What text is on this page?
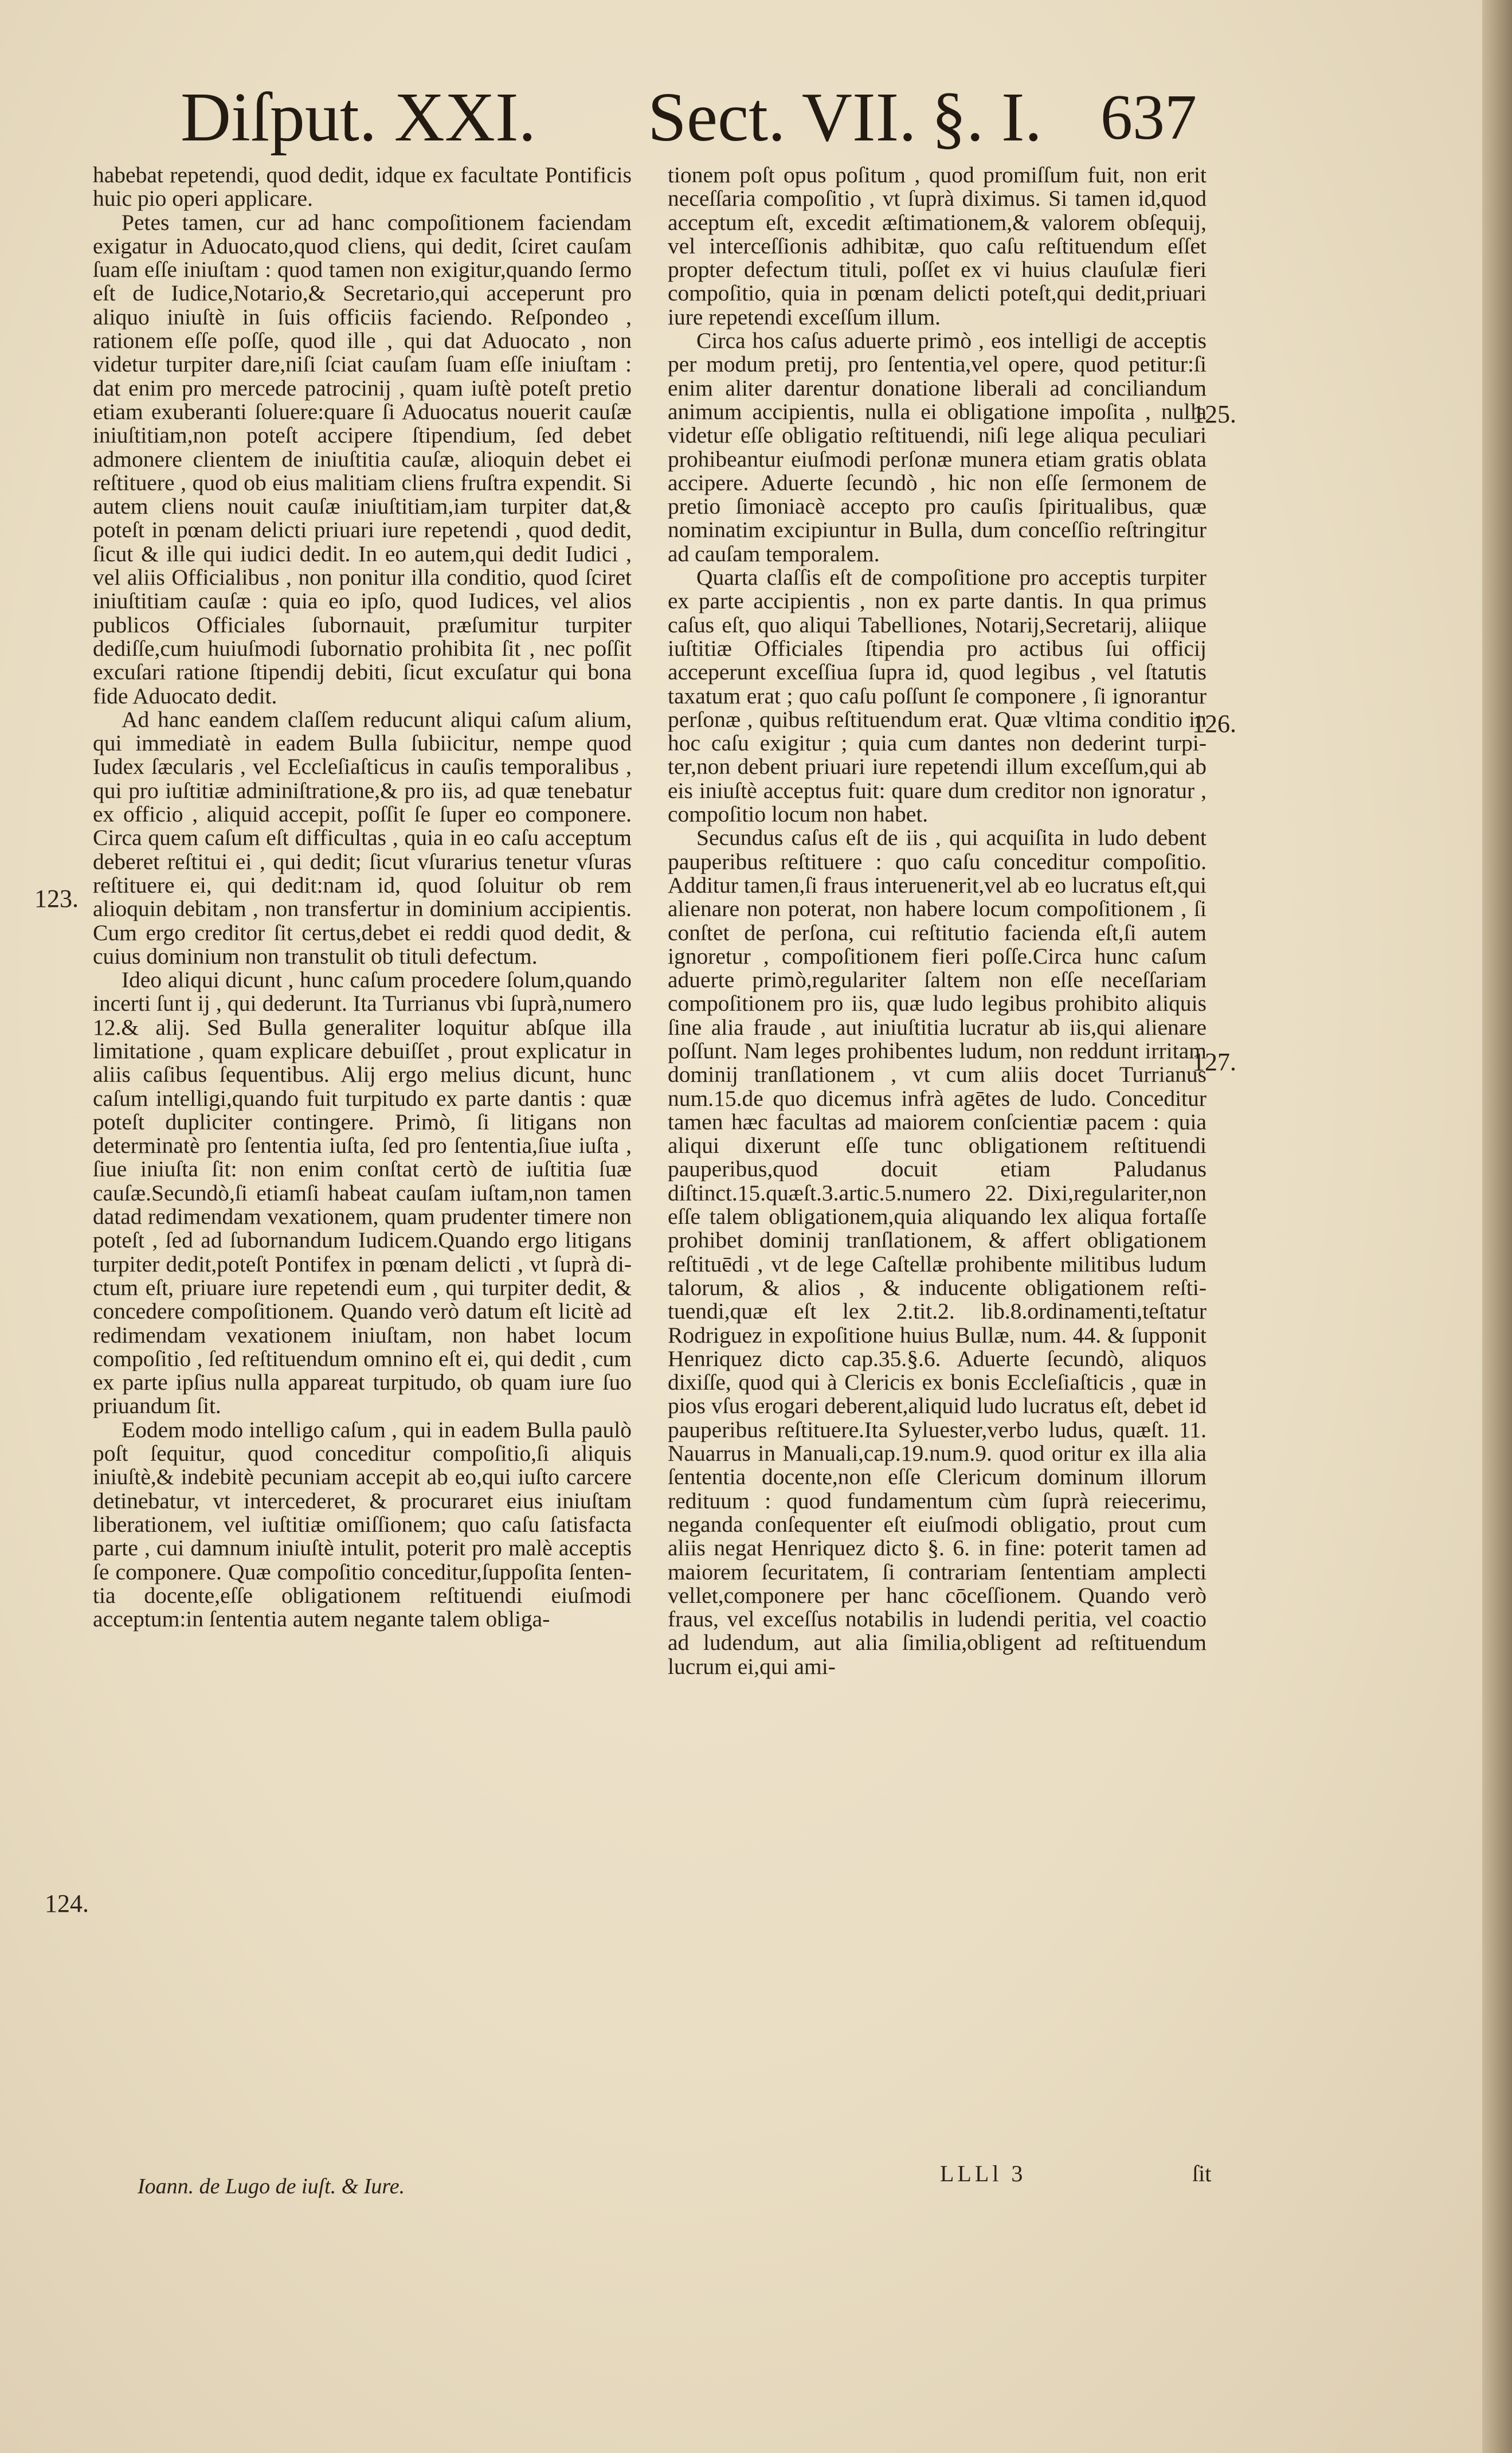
Diſput. XXI. Sect. VII. §. I. 637

habebat repetendi, quod dedit, idque ex facultate Pontificis huic pio operi applicare.

Petes tamen, cur ad hanc compoſitionem faciendam exigatur in Aduocato,quod cliens, qui dedit, ſciret cauſam ſuam eſſe iniuſtam : quod tamen non exigitur,quando ſermo eſt de Iudice,Notario,& Secretario,qui acceperunt pro aliquo iniuſtè in ſuis officiis faciendo. Reſpondeo , rationem eſſe poſſe, quod ille , qui dat Aduocato , non videtur turpiter dare,niſi ſciat cauſam ſuam eſſe iniuſtam : dat enim pro mercede patrocinij , quam iuſtè poteſt pretio etiam exuberanti ſoluere:quare ſi Aduocatus nouerit cauſæ iniuſtitiam,non poteſt accipere ſtipendium, ſed debet admonere clientem de iniuſtitia cauſæ, alioquin debet ei reſtituere , quod ob eius malitiam cliens fruſtra expendit. Si autem cliens nouit cauſæ iniuſtitiam,iam turpiter dat,& poteſt in pœnam delicti priuari iure repetendi , quod dedit, ſicut & ille qui iudici dedit. In eo autem,qui dedit Iudici , vel aliis Officialibus , non ponitur illa conditio, quod ſciret iniuſtitiam cauſæ : quia eo ipſo, quod Iudices, vel alios publicos Officiales ſubornauit, præſumitur turpiter dediſſe,cum huiuſmodi ſubornatio prohibita ſit , nec poſſit excuſari ratione ſtipendij debiti, ſicut excuſatur qui bona fide Aduocato dedit.

Ad hanc eandem claſſem reducunt aliqui caſum alium, qui immediatè in eadem Bulla ſubiicitur, nempe quod Iudex ſæcularis , vel Eccleſiaſticus in cauſis temporalibus , qui pro iuſtitiæ adminiſtratione,& pro iis, ad quæ tenebatur ex officio , aliquid accepit, poſſit ſe ſuper eo componere. Circa quem caſum eſt difficultas , quia in eo caſu acceptum deberet reſtitui ei , qui dedit; ſicut vſurarius tenetur vſuras reſtituere ei, qui dedit:nam id, quod ſoluitur ob rem alioquin debitam , non transfertur in dominium accipientis. Cum ergo creditor ſit certus,debet ei reddi quod dedit, & cuius dominium non transtulit ob tituli defectum.

Ideo aliqui dicunt , hunc caſum procedere ſolum,quando incerti ſunt ij , qui dederunt. Ita Turrianus vbi ſuprà,numero 12.& alij. Sed Bulla generaliter loquitur abſque illa limitatione , quam explicare debuiſſet , prout explicatur in aliis caſibus ſequentibus. Alij ergo melius dicunt, hunc caſum intelligi,quando fuit turpitudo ex parte dantis : quæ poteſt dupliciter contingere. Primò, ſi litigans non determinatè pro ſententia iuſta, ſed pro ſententia,ſiue iuſta , ſiue iniuſta ſit: non enim conſtat certò de iuſtitia ſuæ cauſæ.Secundò,ſi etiamſi habeat cauſam iuſtam,non tamen datad redimendam vexationem, quam prudenter timere non poteſt , ſed ad ſubornandum Iudicem.Quando ergo litigans turpiter dedit,poteſt Pontifex in pœnam delicti , vt ſuprà dictum eſt, priuare iure repetendi eum , qui turpiter dedit, & concedere compoſitionem. Quando verò datum eſt licitè ad redimendam vexationem iniuſtam, non habet locum compoſitio , ſed reſtituendum omnino eſt ei, qui dedit , cum ex parte ipſius nulla appareat turpitudo, ob quam iure ſuo priuandum ſit.

Eodem modo intelligo caſum , qui in eadem Bulla paulò poſt ſequitur, quod conceditur compoſitio,ſi aliquis iniuſtè,& indebitè pecuniam accepit ab eo,qui iuſto carcere detinebatur, vt intercederet, & procuraret eius iniuſtam liberationem, vel iuſtitiæ omiſſionem; quo caſu ſatisfacta parte , cui damnum iniuſtè intulit, poterit pro malè acceptis ſe componere. Quæ compoſitio conceditur,ſuppoſita ſententia docente,eſſe obligationem reſtituendi eiuſmodi acceptum:in ſententia autem negante talem obliga-

tionem poſt opus poſitum , quod promiſſum fuit, non erit neceſſaria compoſitio , vt ſuprà diximus. Si tamen id,quod acceptum eſt, excedit æſtimationem,& valorem obſequij, vel interceſſionis adhibitæ, quo caſu reſtituendum eſſet propter defectum tituli, poſſet ex vi huius clauſulæ fieri compoſitio, quia in pœnam delicti poteſt,qui dedit,priuari iure repetendi exceſſum illum.

Circa hos caſus aduerte primò , eos intelligi de acceptis per modum pretij, pro ſententia,vel opere, quod petitur:ſi enim aliter darentur donatione liberali ad conciliandum animum accipientis, nulla ei obligatione impoſita , nulla videtur eſſe obligatio reſtituendi, niſi lege aliqua peculiari prohibeantur eiuſmodi perſonæ munera etiam gratis oblata accipere. Aduerte ſecundò , hic non eſſe ſermonem de pretio ſimoniacè accepto pro cauſis ſpiritualibus, quæ nominatim excipiuntur in Bulla, dum conceſſio reſtringitur ad cauſam temporalem.

Quarta claſſis eſt de compoſitione pro acceptis turpiter ex parte accipientis , non ex parte dantis. In qua primus caſus eſt, quo aliqui Tabelliones, Notarij,Secretarij, aliique iuſtitiæ Officiales ſtipendia pro actibus ſui officij acceperunt exceſſiua ſupra id, quod legibus , vel ſtatutis taxatum erat ; quo caſu poſſunt ſe componere , ſi ignorantur perſonæ , quibus reſtituendum erat. Quæ vltima conditio in hoc caſu exigitur ; quia cum dantes non dederint turpiter,non debent priuari iure repetendi illum exceſſum,qui ab eis iniuſtè acceptus fuit: quare dum creditor non ignoratur , compoſitio locum non habet.

Secundus caſus eſt de iis , qui acquiſita in ludo debent pauperibus reſtituere : quo caſu conceditur compoſitio. Additur tamen,ſi fraus interuenerit,vel ab eo lucratus eſt,qui alienare non poterat, non habere locum compoſitionem , ſi conſtet de perſona, cui reſtitutio facienda eſt,ſi autem ignoretur , compoſitionem fieri poſſe.Circa hunc caſum aduerte primò,regulariter ſaltem non eſſe neceſſariam compoſitionem pro iis, quæ ludo legibus prohibito aliquis ſine alia fraude , aut iniuſtitia lucratur ab iis,qui alienare poſſunt. Nam leges prohibentes ludum, non reddunt irritam dominij tranſlationem , vt cum aliis docet Turrianus num.15.de quo dicemus infrà agētes de ludo. Conceditur tamen hæc facultas ad maiorem conſcientiæ pacem : quia aliqui dixerunt eſſe tunc obligationem reſtituendi pauperibus,quod docuit etiam Paludanus diſtinct.15.quæſt.3.artic.5.numero 22. Dixi,regulariter,non eſſe talem obligationem,quia aliquando lex aliqua fortaſſe prohibet dominij tranſlationem, & affert obligationem reſtituēdi , vt de lege Caſtellæ prohibente militibus ludum talorum, & alios , & inducente obligationem reſtituendi,quæ eſt lex 2.tit.2. lib.8.ordinamenti,teſtatur Rodriguez in expoſitione huius Bullæ, num. 44. & ſupponit Henriquez dicto cap.35.§.6. Aduerte ſecundò, aliquos dixiſſe, quod qui à Clericis ex bonis Eccleſiaſticis , quæ in pios vſus erogari deberent,aliquid ludo lucratus eſt, debet id pauperibus reſtituere.Ita Syluester,verbo ludus, quæſt. 11. Nauarrus in Manuali,cap.19.num.9. quod oritur ex illa alia ſententia docente,non eſſe Clericum dominum illorum redituum : quod fundamentum cùm ſuprà reiecerimu, neganda conſequenter eſt eiuſmodi obligatio, prout cum aliis negat Henriquez dicto §. 6. in fine: poterit tamen ad maiorem ſecuritatem, ſi contrariam ſententiam amplecti vellet,componere per hanc cōceſſionem. Quando verò fraus, vel exceſſus notabilis in ludendi peritia, vel coactio ad ludendum, aut alia ſimilia,obligent ad reſtituendum lucrum ei,qui ami-

123.
124.
125.
126.
127.
Ioann. de Lugo de iuſt. & Iure.	LLLl 3	ſit
